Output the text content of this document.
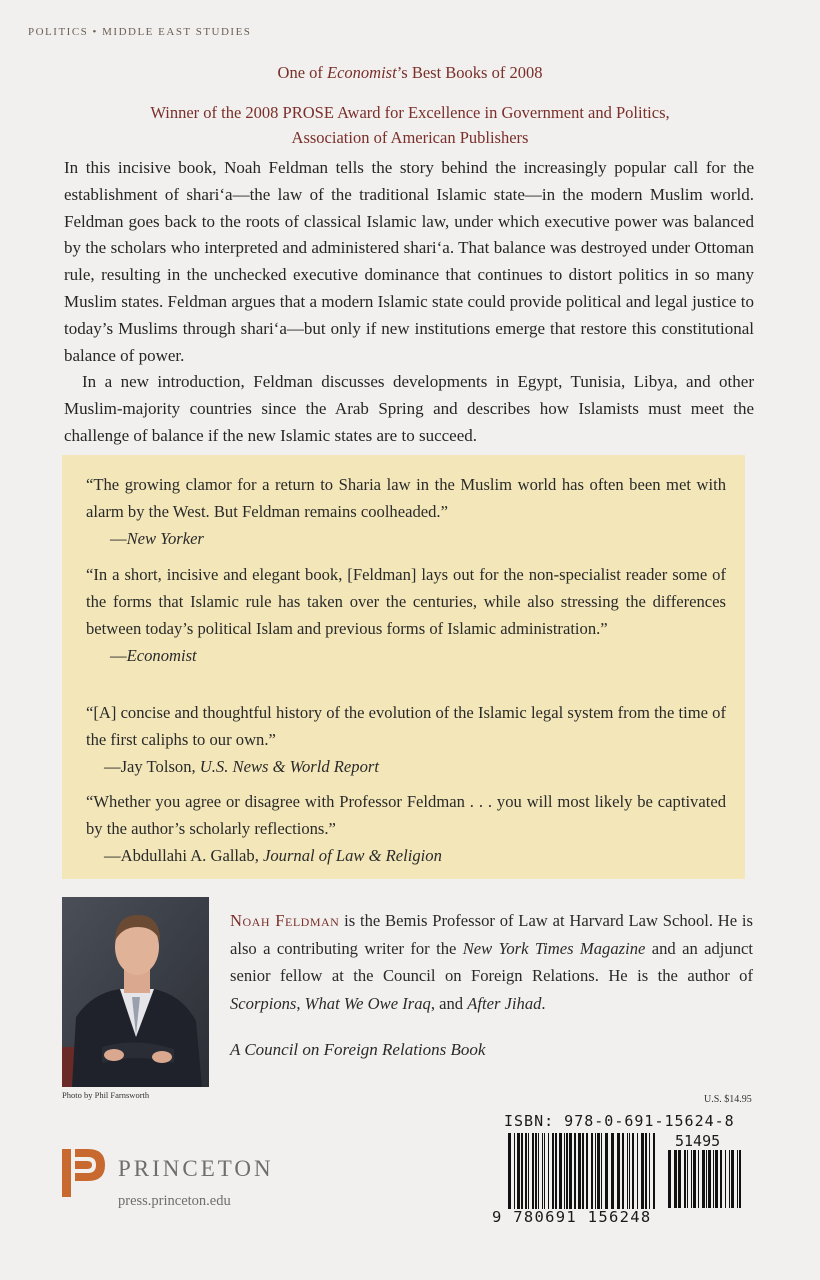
POLITICS • MIDDLE EAST STUDIES
One of Economist’s Best Books of 2008
Winner of the 2008 PROSE Award for Excellence in Government and Politics,
Association of American Publishers

In this incisive book, Noah Feldman tells the story behind the increasingly popular call for the establishment of shari‘a—the law of the traditional Islamic state—in the modern Muslim world. Feldman goes back to the roots of classical Islamic law, under which executive power was balanced by the scholars who interpreted and administered shari‘a. That balance was destroyed under Ottoman rule, resulting in the unchecked executive dominance that continues to distort politics in so many Muslim states. Feldman argues that a modern Islamic state could provide political and legal justice to today’s Muslims through shari‘a—but only if new institutions emerge that restore this constitutional balance of power.

In a new introduction, Feldman discusses developments in Egypt, Tunisia, Libya, and other Muslim-majority countries since the Arab Spring and describes how Islamists must meet the challenge of balance if the new Islamic states are to succeed.

“The growing clamor for a return to Sharia law in the Muslim world has often been met with alarm by the West. But Feldman remains coolheaded.”
—New Yorker
“In a short, incisive and elegant book, [Feldman] lays out for the non-specialist reader some of the forms that Islamic rule has taken over the centuries, while also stressing the differences between today’s political Islam and previous forms of Islamic administration.”
—Economist
“[A] concise and thoughtful history of the evolution of the Islamic legal system from the time of the first caliphs to our own.”
—Jay Tolson, U.S. News & World Report
“Whether you agree or disagree with Professor Feldman . . . you will most likely be captivated by the author’s scholarly reflections.”
—Abdullahi A. Gallab, Journal of Law & Religion
Photo by Phil Farnsworth
Noah Feldman is the Bemis Professor of Law at Harvard Law School. He is also a contributing writer for the New York Times Magazine and an adjunct senior fellow at the Council on Foreign Relations. He is the author of Scorpions, What We Owe Iraq, and After Jihad.
A Council on Foreign Relations Book
PRINCETON
press.princeton.edu
U.S. $14.95
ISBN: 978-0-691-15624-8
51495
9 780691 156248
